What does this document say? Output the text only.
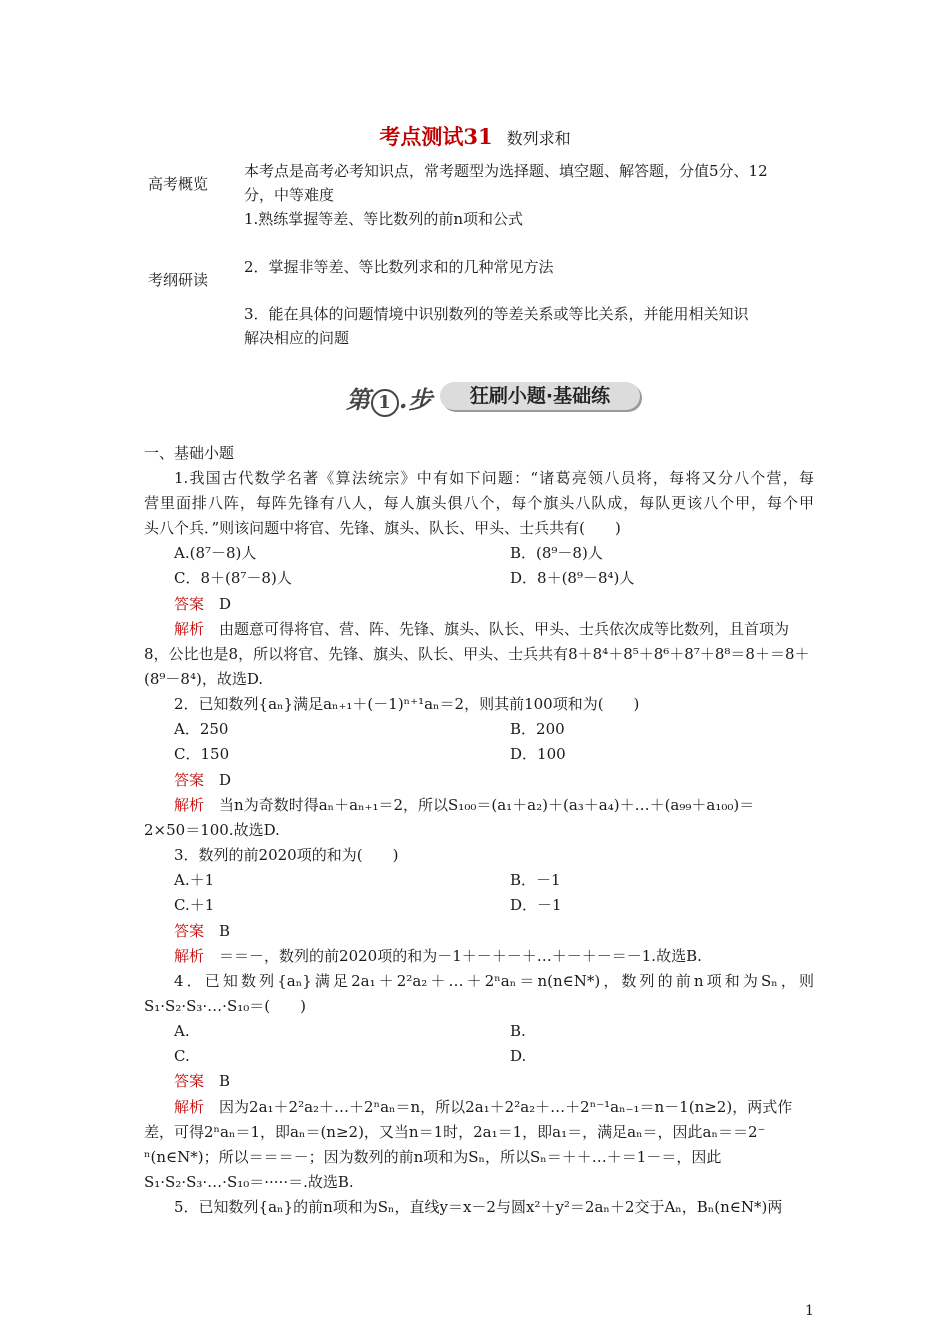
考点测试31 数列求和
高考概览
本考点是高考必考知识点，常考题型为选择题、填空题、解答题，分值5分、12
分，中等难度
考纲研读
1.熟练掌握等差、等比数列的前n项和公式
2．掌握非等差、等比数列求和的几种常见方法
3．能在具体的问题情境中识别数列的等差关系或等比关系，并能用相关知识
解决相应的问题
第 1 .步	狂刷小题·基础练
一、基础小题
1.我国古代数学名著《算法统宗》中有如下问题：“诸葛亮领八员将，每将又分八个营，每
营里面排八阵，每阵先锋有八人，每人旗头俱八个，每个旗头八队成，每队更该八个甲，每个甲
头八个兵．”则该问题中将官、先锋、旗头、队长、甲头、士兵共有(　　)
A.(8⁷－8)人	B．(8⁹－8)人
C．8＋(8⁷－8)人	D．8＋(8⁹－8⁴)人
答案　 D
解析　 由题意可得将官、营、阵、先锋、旗头、队长、甲头、士兵依次成等比数列，且首项为
8，公比也是8，所以将官、先锋、旗头、队长、甲头、士兵共有8＋8⁴＋8⁵＋8⁶＋8⁷＋8⁸＝8＋＝8＋
(8⁹－8⁴)，故选D.
2．已知数列{aₙ}满足aₙ₊₁＋(－1)ⁿ⁺¹aₙ＝2，则其前100项和为(　　)
A．250	B．200
C．150	D．100
答案　 D
解析　 当n为奇数时得aₙ＋aₙ₊₁＝2，所以S₁₀₀＝(a₁＋a₂)＋(a₃＋a₄)＋…＋(a₉₉＋a₁₀₀)＝
2×50＝100.故选D.
3．数列的前2020项的和为(　　)
A.＋1	B．－1
C.＋1	D．－1
答案　 B
解析　 ＝＝－，数列的前2020项的和为－1＋－＋－＋…＋－＋－＝－1.故选B.
4．已知数列{aₙ}满足2a₁＋2²a₂＋…＋2ⁿaₙ＝n(n∈N*)，数列的前n项和为Sₙ，则
S₁·S₂·S₃·…·S₁₀＝(　　)
A.	B.
C.	D.
答案　 B
解析　 因为2a₁＋2²a₂＋…＋2ⁿaₙ＝n，所以2a₁＋2²a₂＋…＋2ⁿ⁻¹aₙ₋₁＝n－1(n≥2)，两式作
差，可得2ⁿaₙ＝1，即aₙ＝(n≥2)，又当n＝1时，2a₁＝1，即a₁＝，满足aₙ＝，因此aₙ＝＝2⁻
ⁿ(n∈N*)；所以＝＝＝－；因为数列的前n项和为Sₙ，所以Sₙ＝＋＋…＋＝1－＝，因此
S₁·S₂·S₃·…·S₁₀＝·····＝.故选B.
5．已知数列{aₙ}的前n项和为Sₙ，直线y＝x－2与圆x²＋y²＝2aₙ＋2交于Aₙ，Bₙ(n∈N*)两
1
